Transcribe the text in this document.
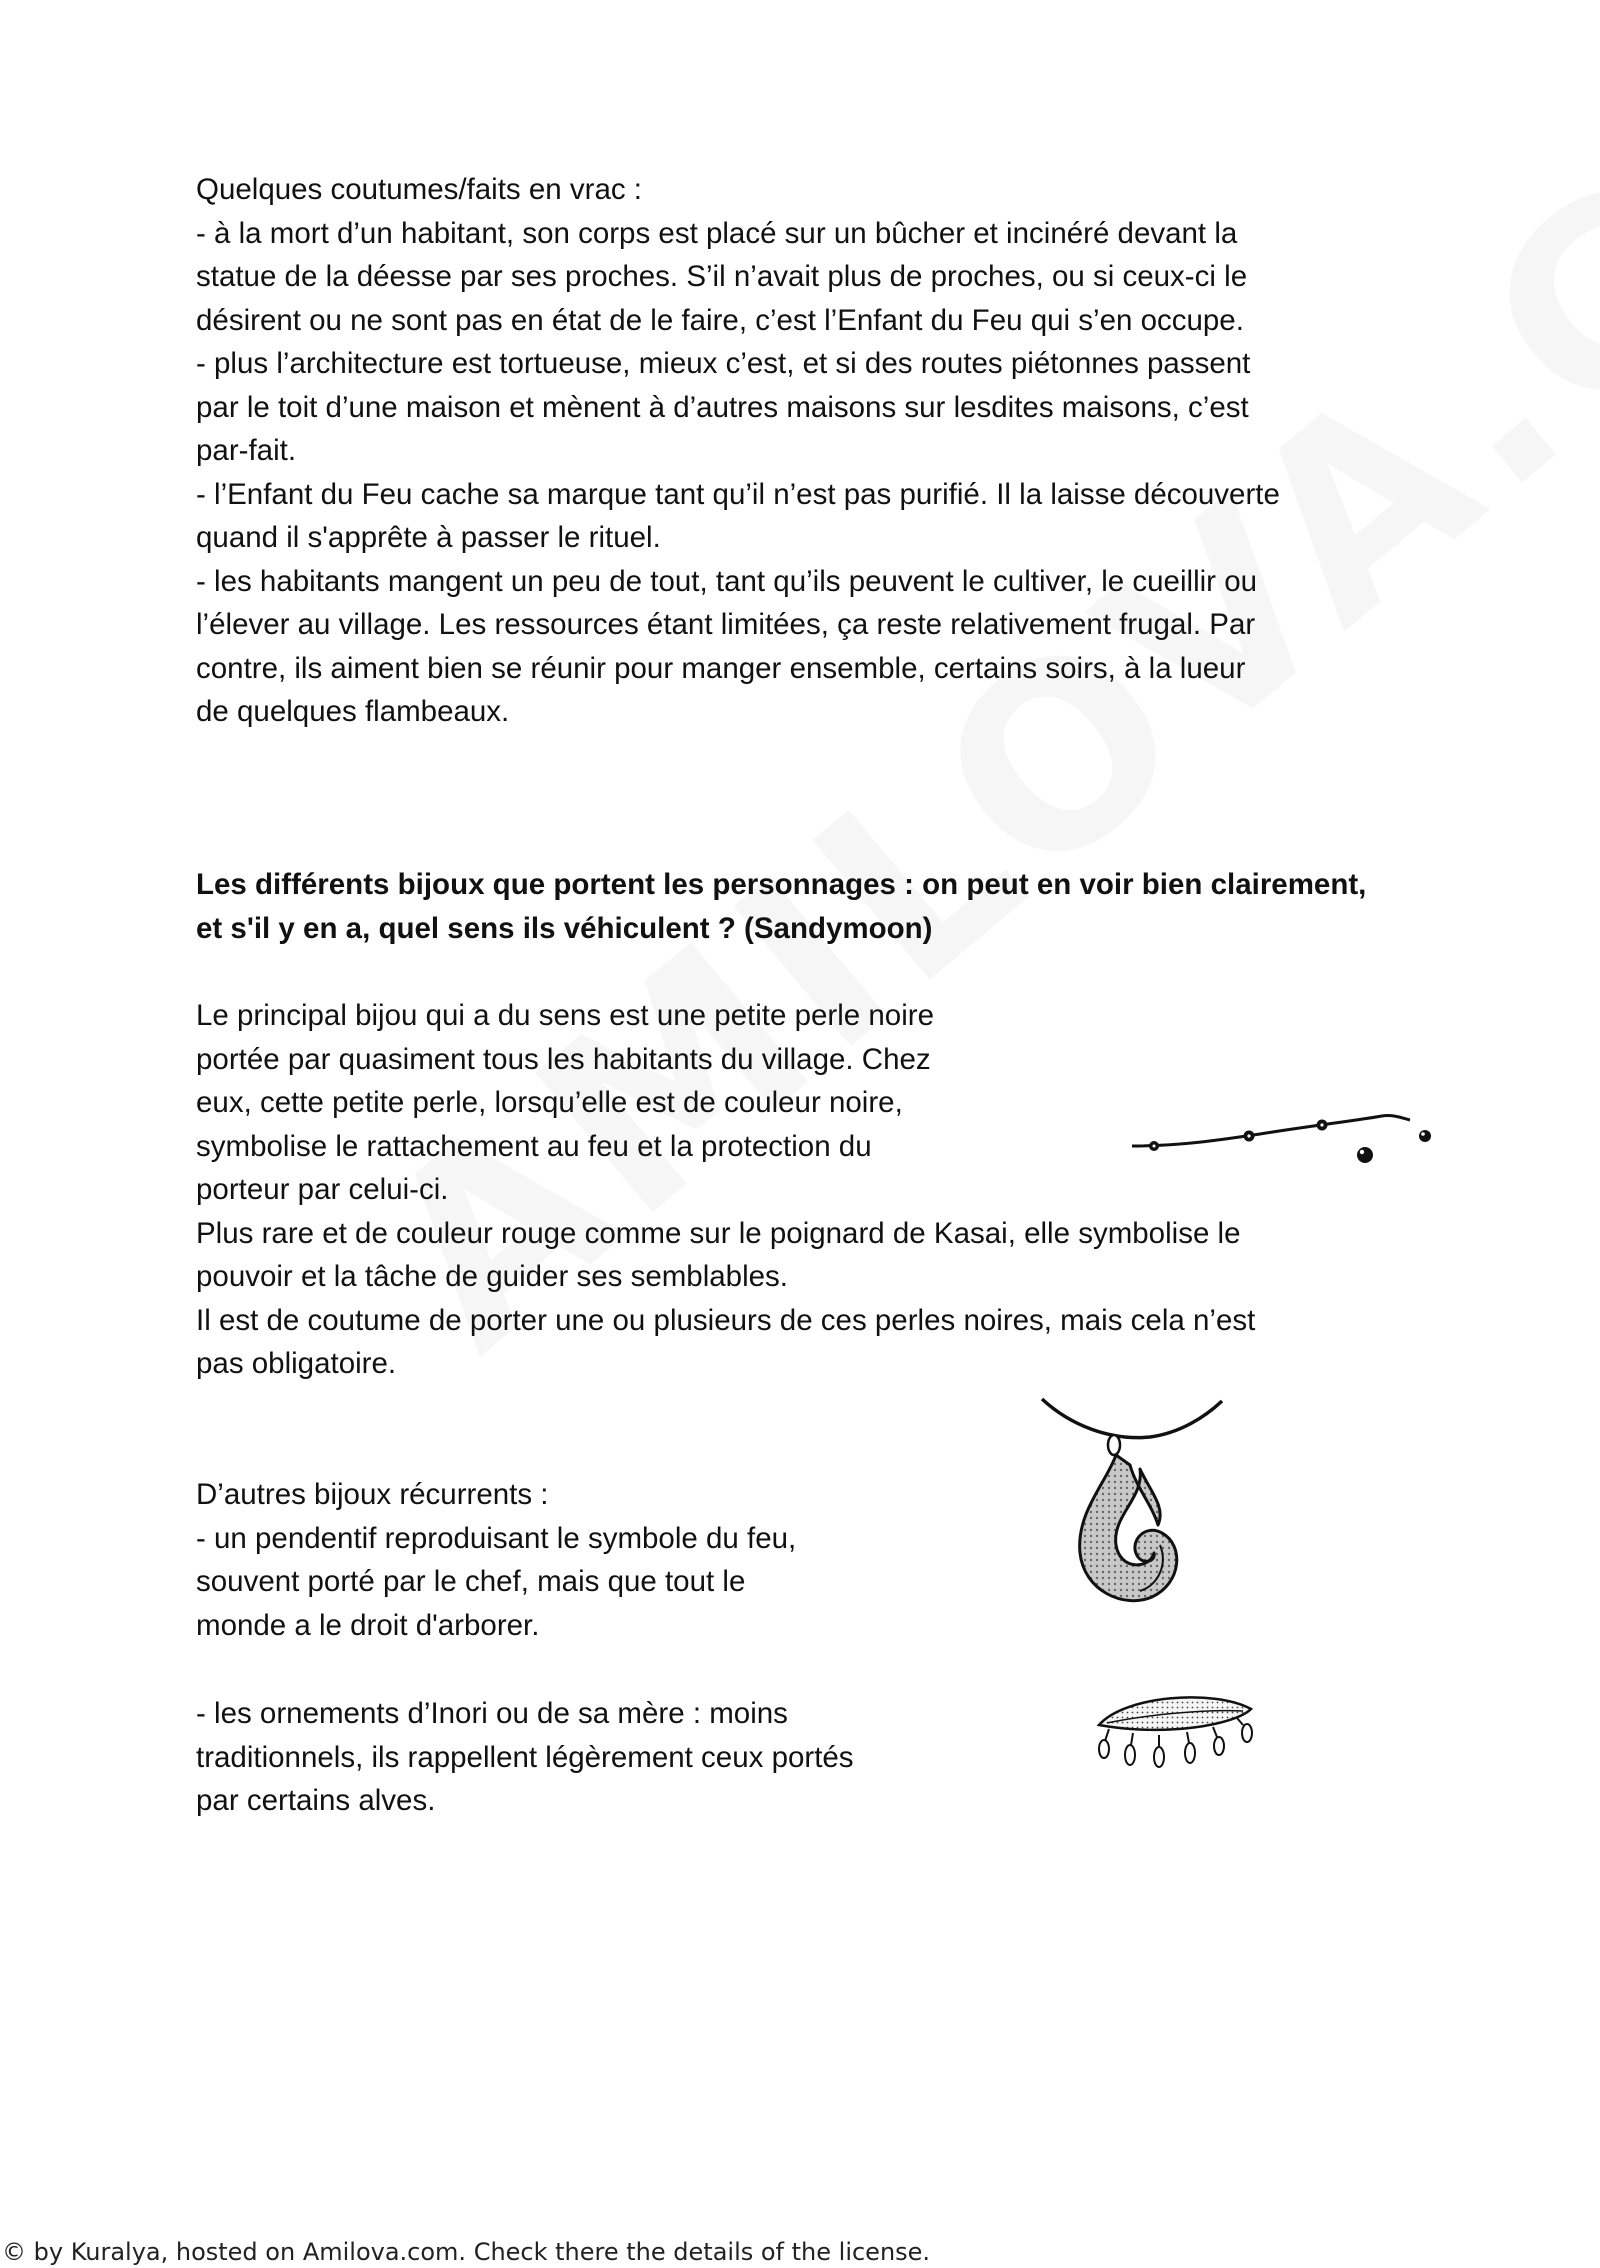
Quelques coutumes/faits en vrac :

- à la mort d’un habitant, son corps est placé sur un bûcher et incinéré devant la

statue de la déesse par ses proches. S’il n’avait plus de proches, ou si ceux-ci le

désirent ou ne sont pas en état de le faire, c’est l’Enfant du Feu qui s’en occupe.

- plus l’architecture est tortueuse, mieux c’est, et si des routes piétonnes passent

par le toit d’une maison et mènent à d’autres maisons sur lesdites maisons, c’est

par-fait.

- l’Enfant du Feu cache sa marque tant qu’il n’est pas purifié. Il la laisse découverte

quand il s'apprête à passer le rituel.

- les habitants mangent un peu de tout, tant qu’ils peuvent le cultiver, le cueillir ou

l’élever au village. Les ressources étant limitées, ça reste relativement frugal. Par

contre, ils aiment bien se réunir pour manger ensemble, certains soirs, à la lueur

de quelques flambeaux.

Les différents bijoux que portent les personnages : on peut en voir bien clairement,

et s'il y en a, quel sens ils véhiculent ? (Sandymoon)

Le principal bijou qui a du sens est une petite perle noire

portée par quasiment tous les habitants du village. Chez

eux, cette petite perle, lorsqu’elle est de couleur noire,

symbolise le rattachement au feu et la protection du

porteur par celui-ci.

Plus rare et de couleur rouge comme sur le poignard de Kasai, elle symbolise le

pouvoir et la tâche de guider ses semblables.

Il est de coutume de porter une ou plusieurs de ces perles noires, mais cela n’est

pas obligatoire.

D’autres bijoux récurrents :

- un pendentif reproduisant le symbole du feu,

souvent porté par le chef, mais que tout le

monde a le droit d'arborer.

- les ornements d’Inori ou de sa mère : moins

traditionnels, ils rappellent légèrement ceux portés

par certains alves.

© by Kuralya, hosted on Amilova.com. Check there the details of the license.
